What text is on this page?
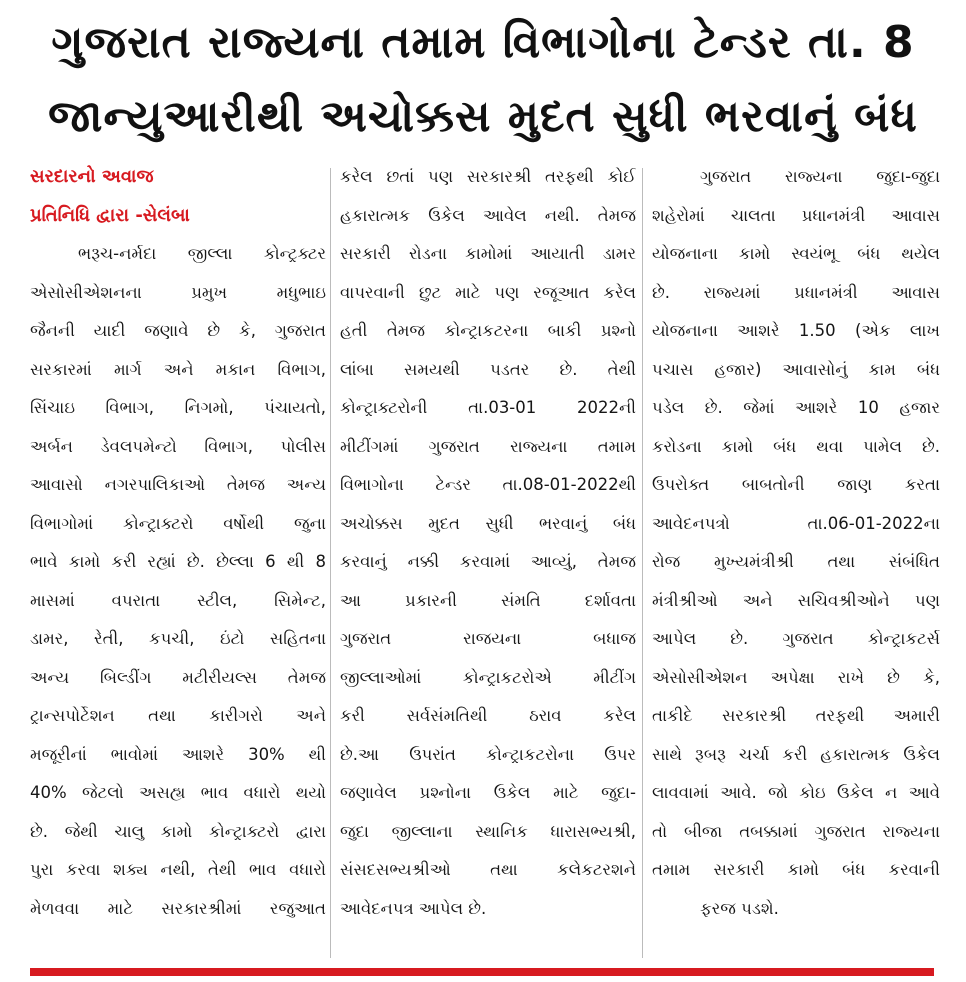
ગુજરાત રાજ્યના તમામ વિભાગોના ટેન્ડર તા. 8
જાન્યુઆરીથી અચોક્કસ મુદત સુધી ભરવાનું બંધ
સરદારનો અવાજ
પ્રતિનિધિ દ્વારા -સેલંબા
ભરૂચ-નર્મદા જીલ્લા કોન્ટ્રક્ટર
એસોસીએશનના પ્રમુખ મધુભાઇ
જૈનની યાદી જણાવે છે કે, ગુજરાત
સરકારમાં માર્ગ અને મકાન વિભાગ,
સિંચાઇ વિભાગ, નિગમો, પંચાયતો,
અર્બન ડેવલપમેન્ટો વિભાગ, પોલીસ
આવાસો નગરપાલિકાઓ તેમજ અન્ય
વિભાગોમાં કોન્ટ્રાક્ટરો વર્ષોથી જુના
ભાવે કામો કરી રહ્યાં છે. છેલ્લા 6 થી 8
માસમાં વપરાતા સ્ટીલ, સિમેન્ટ,
ડામર, રેતી, કપચી, ઇંટો સહિતના
અન્ય બિલ્ડીંગ મટીરીયલ્સ તેમજ
ટ્રાન્સપોર્ટેશન તથા કારીગરો અને
મજૂરીનાં ભાવોમાં આશરે 30% થી
40% જેટલો અસહ્ય ભાવ વધારો થયો
છે. જેથી ચાલુ કામો કોન્ટ્રાક્ટરો દ્વારા
પુરા કરવા શક્ય નથી, તેથી ભાવ વધારો
મેળવવા માટે સરકારશ્રીમાં રજુઆત
કરેલ છતાં પણ સરકારશ્રી તરફથી કોઈ
હકારાત્મક ઉકેલ આવેલ નથી. તેમજ
સરકારી રોડના કામોમાં આયાતી ડામર
વાપરવાની છુટ માટે પણ રજૂઆત કરેલ
હતી તેમજ કોન્ટ્રાકટરના બાકી પ્રશ્નો
લાંબા સમયથી પડતર છે. તેથી
કોન્ટ્રાક્ટરોની તા.03-01 2022ની
મીટીંગમાં ગુજરાત રાજ્યના તમામ
વિભાગોના ટેન્ડર તા.08-01-2022થી
અચોક્કસ મુદત સુધી ભરવાનું બંધ
કરવાનું નક્કી કરવામાં આવ્યું, તેમજ
આ પ્રકારની સંમતિ દર્શાવતા
ગુજરાત રાજયના બધાજ
જીલ્લાઓમાં કોન્ટ્રાકટરોએ મીટીંગ
કરી સર્વસંમતિથી ઠરાવ કરેલ
છે.આ ઉપરાંત કોન્ટ્રાકટરોના ઉપર
જણાવેલ પ્રશ્નોના ઉકેલ માટે જુદા-
જુદા જીલ્લાના સ્થાનિક ધારાસભ્યશ્રી,
સંસદસભ્યશ્રીઓ તથા કલેકટરશને
આવેદનપત્ર આપેલ છે.
ગુજરાત રાજ્યના જુદા-જુદા
શહેરોમાં ચાલતા પ્રધાનમંત્રી આવાસ
યોજનાના કામો સ્વયંભૂ બંધ થયેલ
છે. રાજ્યમાં પ્રધાનમંત્રી આવાસ
યોજનાના આશરે 1.50 (એક લાખ
પચાસ હજાર) આવાસોનું કામ બંધ
પડેલ છે. જેમાં આશરે 10 હજાર
કરોડના કામો બંધ થવા પામેલ છે.
ઉપરોક્ત બાબતોની જાણ કરતા
આવેદનપત્રો તા.06-01-2022ના
રોજ મુખ્યમંત્રીશ્રી તથા સંબંધિત
મંત્રીશ્રીઓ અને સચિવશ્રીઓને પણ
આપેલ છે. ગુજરાત કોન્ટ્રાકટર્સ
એસોસીએશન અપેક્ષા રાખે છે કે,
તાકીદે સરકારશ્રી તરફથી અમારી
સાથે રૂબરૂ ચર્ચા કરી હકારાત્મક ઉકેલ
લાવવામાં આવે. જો કોઇ ઉકેલ ન આવે
તો બીજા તબક્કામાં ગુજરાત રાજ્યના
તમામ સરકારી કામો બંધ કરવાની
ફરજ પડશે.
